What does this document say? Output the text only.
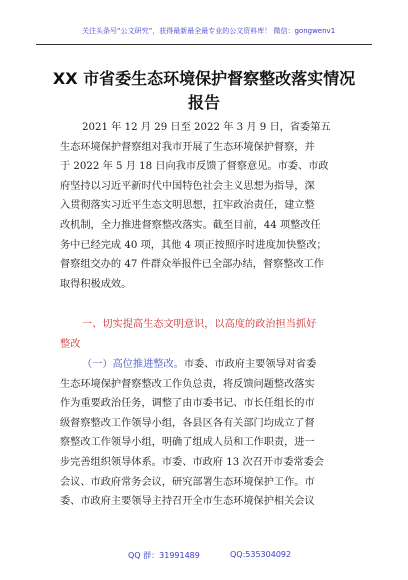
关注头条号“公文研究”，获得最新最全最专业的公文资料库！ 微信：gongwenv1
XX 市省委生态环境保护督察整改落实情况
报告
2021 年 12 月 29 日至 2022 年 3 月 9 日，省委第五
生态环境保护督察组对我市开展了生态环境保护督察，并
于 2022 年 5 月 18 日向我市反馈了督察意见。市委、市政
府坚持以习近平新时代中国特色社会主义思想为指导，深
入贯彻落实习近平生态文明思想，扛牢政治责任，建立整
改机制，全力推进督察整改落实。截至目前，44 项整改任
务中已经完成 40 项，其他 4 项正按照序时进度加快整改；
督察组交办的 47 件群众举报件已全部办结，督察整改工作
取得积极成效。
一、切实提高生态文明意识，以高度的政治担当抓好
整改
（一）高位推进整改。市委、市政府主要领导对省委
生态环境保护督察整改工作负总责，将反馈问题整改落实
作为重要政治任务，调整了由市委书记、市长任组长的市
级督察整改工作领导小组，各县区各有关部门均成立了督
察整改工作领导小组，明确了组成人员和工作职责，进一
步完善组织领导体系。市委、市政府 13 次召开市委常委会
会议、市政府常务会议，研究部署生态环境保护工作。市
委、市政府主要领导主持召开全市生态环境保护相关会议
QQ 群：31991489	QQ:535304092
